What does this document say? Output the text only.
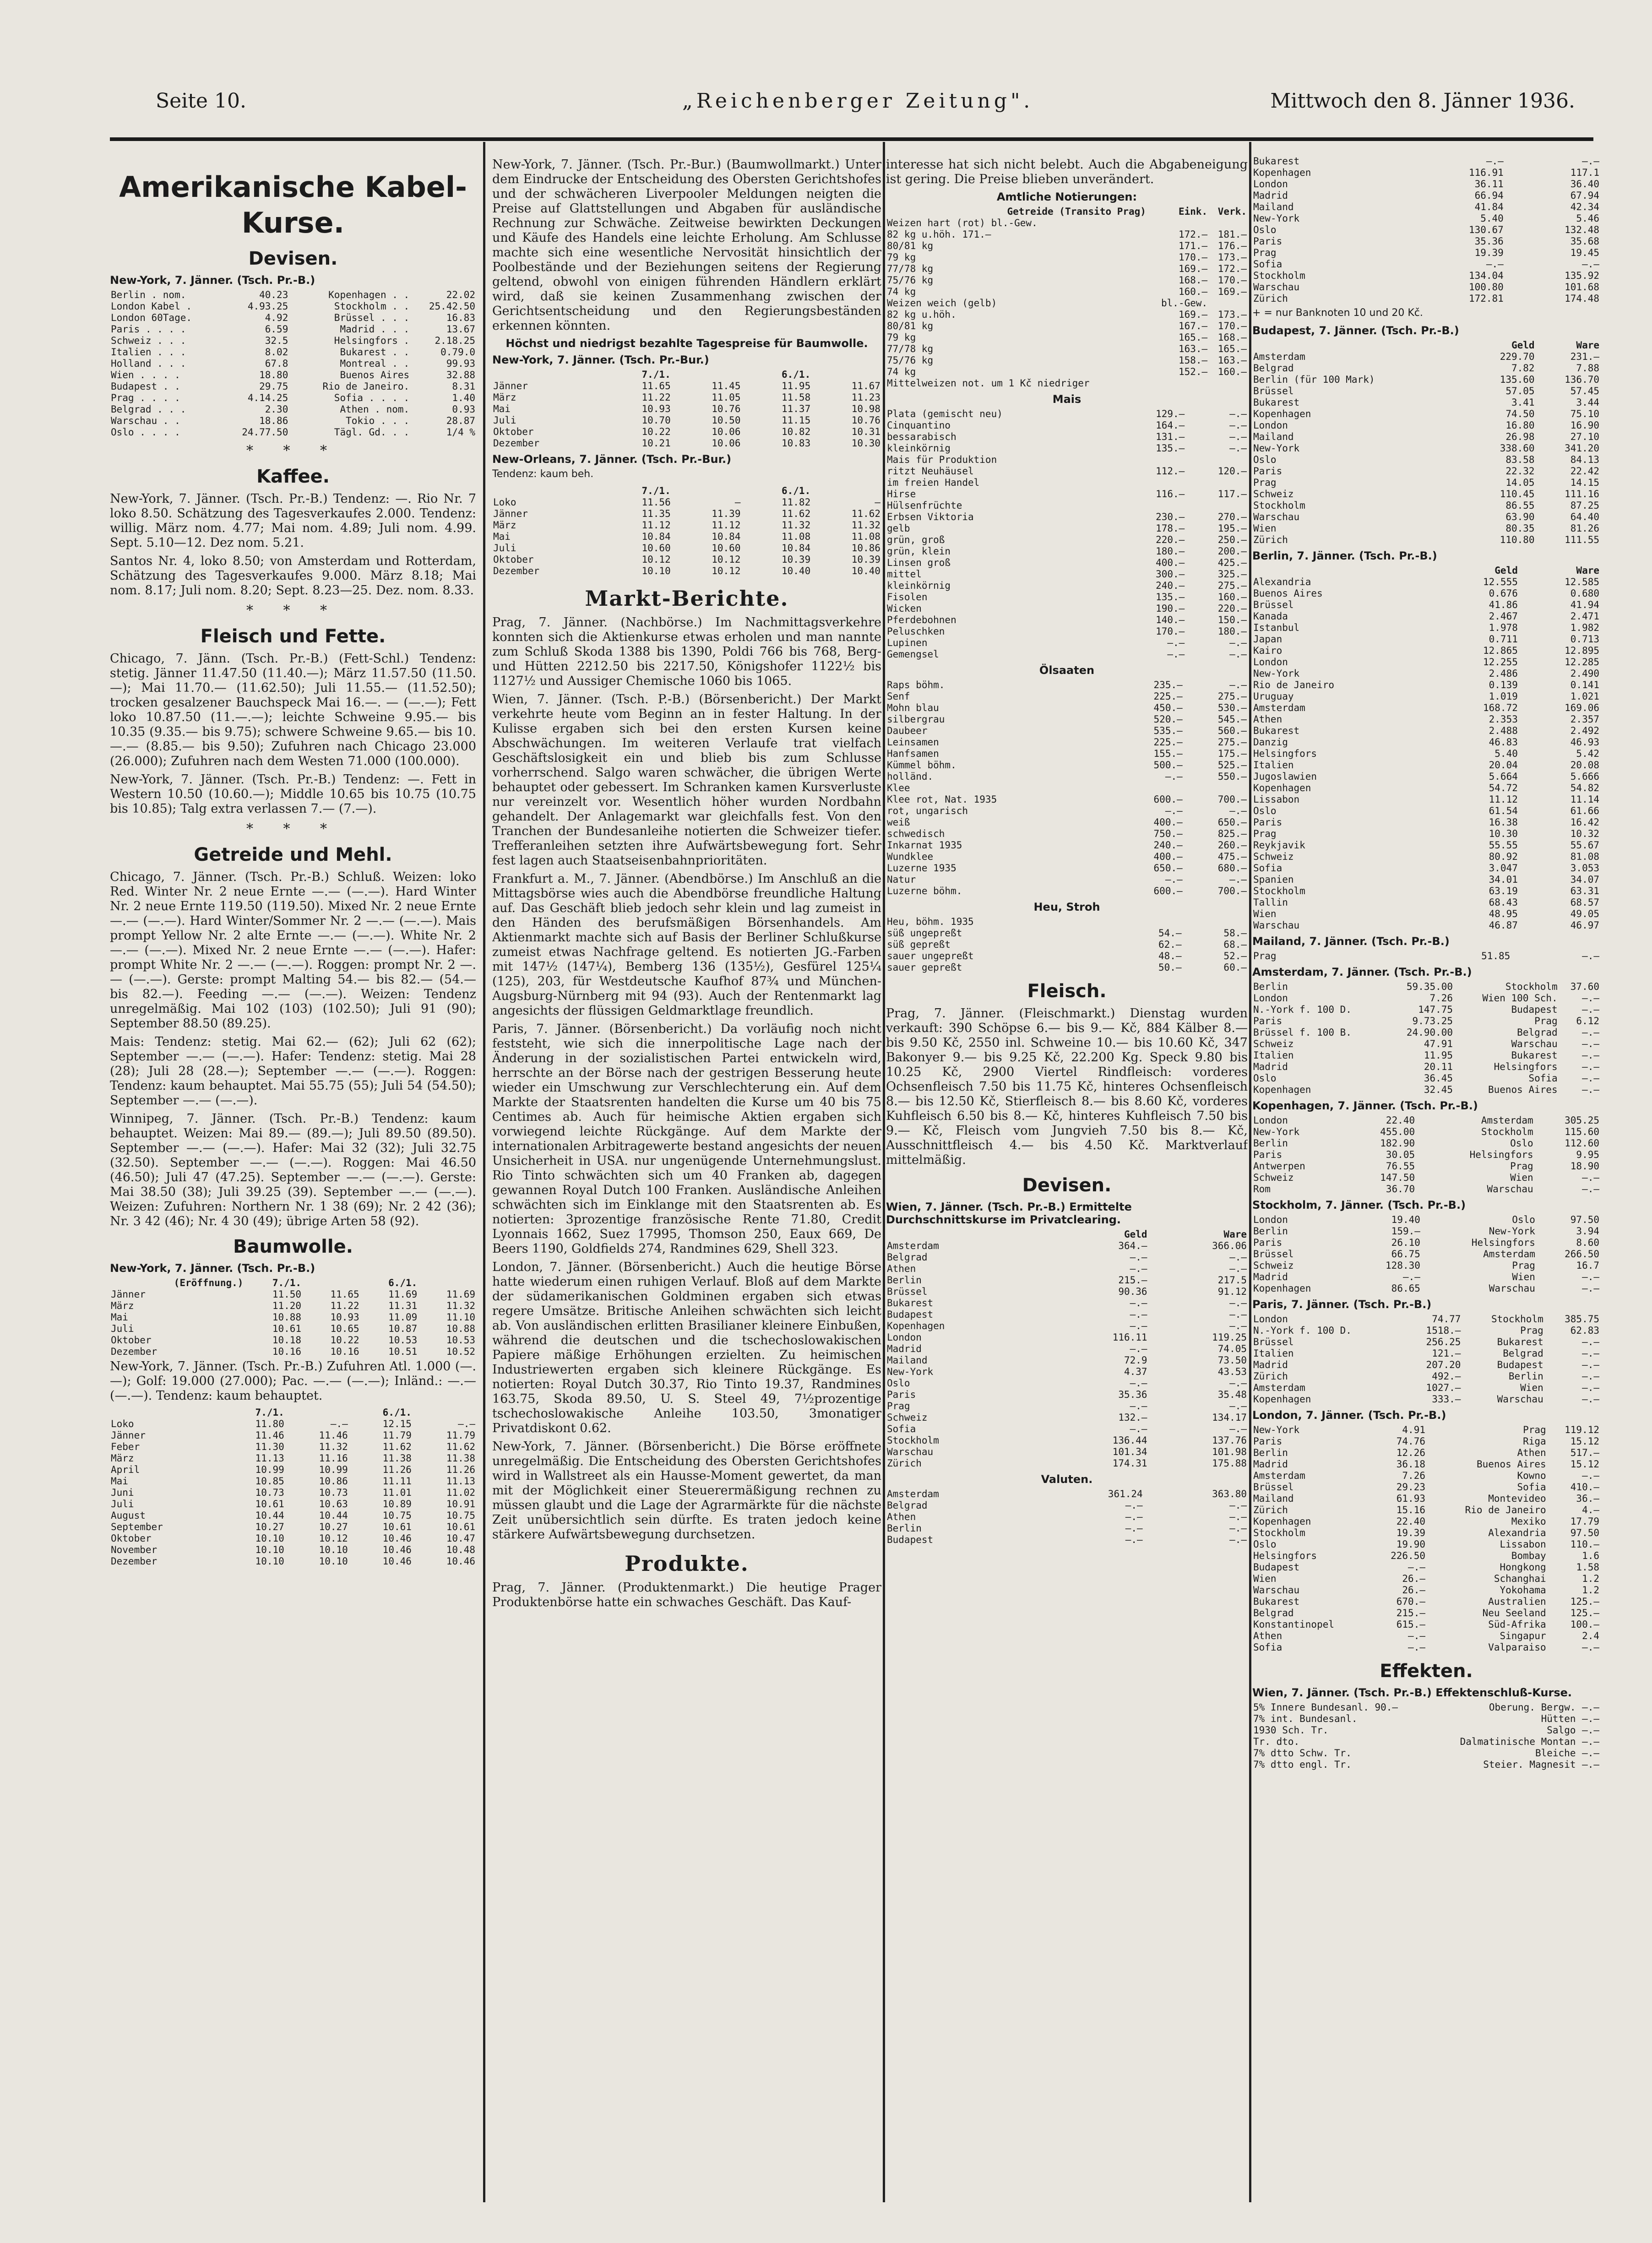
Seite 10.	„Reichenberger Zeitung".	Mittwoch den 8. Jänner 1936.
Amerikanische Kabel-Kurse.
Devisen.
New-York, 7. Jänner. (Tsch. Pr.-B.)
Berlin . nom.	40.23	Kopenhagen . .	22.02
London Kabel .	4.93.25	Stockholm . .	25.42.50
London 60Tage.	4.92	Brüssel . . .	16.83
Paris . . . .	6.59	Madrid . . .	13.67
Schweiz . . .	32.5	Helsingfors .	2.18.25
Italien . . .	8.02	Bukarest . .	0.79.0
Holland . . .	67.8	Montreal . .	99.93
Wien . . . .	18.80	Buenos Aires	32.88
Budapest . .	29.75	Rio de Janeiro.	8.31
Prag . . . .	4.14.25	Sofia . . . .	1.40
Belgrad . . .	2.30	Athen . nom.	0.93
Warschau . .	18.86	Tokio . . .	28.87
Oslo . . . .	24.77.50	Tägl. Gd. . .	1/4 %
* * *
Kaffee.
New-York, 7. Jänner. (Tsch. Pr.-B.) Tendenz: —. Rio Nr. 7 loko 8.50. Schätzung des Tagesverkaufes 2.000. Tendenz: willig. März nom. 4.77; Mai nom. 4.89; Juli nom. 4.99. Sept. 5.10—12. Dez nom. 5.21.
Santos Nr. 4, loko 8.50; von Amsterdam und Rotterdam, Schätzung des Tagesverkaufes 9.000. März 8.18; Mai nom. 8.17; Juli nom. 8.20; Sept. 8.23—25. Dez. nom. 8.33.
* * *
Fleisch und Fette.
Chicago, 7. Jänn. (Tsch. Pr.-B.) (Fett-Schl.) Tendenz: stetig. Jänner 11.47.50 (11.40.—); März 11.57.50 (11.50.—); Mai 11.70.— (11.62.50); Juli 11.55.— (11.52.50); trocken gesalzener Bauchspeck Mai 16.—. — (—.—); Fett loko 10.87.50 (11.—.—); leichte Schweine 9.95.— bis 10.35 (9.35.— bis 9.75); schwere Schweine 9.65.— bis 10.—.— (8.85.— bis 9.50); Zufuhren nach Chicago 23.000 (26.000); Zufuhren nach dem Westen 71.000 (100.000).
New-York, 7. Jänner. (Tsch. Pr.-B.) Tendenz: —. Fett in Western 10.50 (10.60.—); Middle 10.65 bis 10.75 (10.75 bis 10.85); Talg extra verlassen 7.— (7.—).
* * *
Getreide und Mehl.
Chicago, 7. Jänner. (Tsch. Pr.-B.) Schluß. Weizen: loko Red. Winter Nr. 2 neue Ernte —.— (—.—). Hard Winter Nr. 2 neue Ernte 119.50 (119.50). Mixed Nr. 2 neue Ernte —.— (—.—). Hard Winter/Sommer Nr. 2 —.— (—.—). Mais prompt Yellow Nr. 2 alte Ernte —.— (—.—). White Nr. 2 —.— (—.—). Mixed Nr. 2 neue Ernte —.— (—.—). Hafer: prompt White Nr. 2 —.— (—.—). Roggen: prompt Nr. 2 —.— (—.—). Gerste: prompt Malting 54.— bis 82.— (54.— bis 82.—). Feeding —.— (—.—). Weizen: Tendenz unregelmäßig. Mai 102 (103) (102.50); Juli 91 (90); September 88.50 (89.25).
Mais: Tendenz: stetig. Mai 62.— (62); Juli 62 (62); September —.— (—.—). Hafer: Tendenz: stetig. Mai 28 (28); Juli 28 (28.—); September —.— (—.—). Roggen: Tendenz: kaum behauptet. Mai 55.75 (55); Juli 54 (54.50); September —.— (—.—).
Winnipeg, 7. Jänner. (Tsch. Pr.-B.) Tendenz: kaum behauptet. Weizen: Mai 89.— (89.—); Juli 89.50 (89.50). September —.— (—.—). Hafer: Mai 32 (32); Juli 32.75 (32.50). September —.— (—.—). Roggen: Mai 46.50 (46.50); Juli 47 (47.25). September —.— (—.—). Gerste: Mai 38.50 (38); Juli 39.25 (39). September —.— (—.—). Weizen: Zufuhren: Northern Nr. 1 38 (69); Nr. 2 42 (36); Nr. 3 42 (46); Nr. 4 30 (49); übrige Arten 58 (92).
Baumwolle.
New-York, 7. Jänner. (Tsch. Pr.-B.)
(Eröffnung.)	7./1.		6./1.	
Jänner	11.50	11.65	11.69	11.69
März	11.20	11.22	11.31	11.32
Mai	10.88	10.93	11.09	11.10
Juli	10.61	10.65	10.87	10.88
Oktober	10.18	10.22	10.53	10.53
Dezember	10.16	10.16	10.51	10.52
New-York, 7. Jänner. (Tsch. Pr.-B.) Zufuhren Atl. 1.000 (—.—); Golf: 19.000 (27.000); Pac. —.— (—.—); Inländ.: —.— (—.—). Tendenz: kaum behauptet.
	7./1.		6./1.	
Loko	11.80	—.—	12.15	—.—
Jänner	11.46	11.46	11.79	11.79
Feber	11.30	11.32	11.62	11.62
März	11.13	11.16	11.38	11.38
April	10.99	10.99	11.26	11.26
Mai	10.85	10.86	11.11	11.13
Juni	10.73	10.73	11.01	11.02
Juli	10.61	10.63	10.89	10.91
August	10.44	10.44	10.75	10.75
September	10.27	10.27	10.61	10.61
Oktober	10.10	10.12	10.46	10.47
November	10.10	10.10	10.46	10.48
Dezember	10.10	10.10	10.46	10.46
New-York, 7. Jänner. (Tsch. Pr.-Bur.) (Baumwollmarkt.) Unter dem Eindrucke der Entscheidung des Obersten Gerichtshofes und der schwächeren Liverpooler Meldungen neigten die Preise auf Glattstellungen und Abgaben für ausländische Rechnung zur Schwäche. Zeitweise bewirkten Deckungen und Käufe des Handels eine leichte Erholung. Am Schlusse machte sich eine wesentliche Nervosität hinsichtlich der Poolbestände und der Beziehungen seitens der Regierung geltend, obwohl von einigen führenden Händlern erklärt wird, daß sie keinen Zusammenhang zwischen der Gerichtsentscheidung und den Regierungsbeständen erkennen könnten.
Höchst und niedrigst bezahlte Tagespreise für Baumwolle.
New-York, 7. Jänner. (Tsch. Pr.-Bur.)
	7./1.		6./1.	
Jänner	11.65	11.45	11.95	11.67
März	11.22	11.05	11.58	11.23
Mai	10.93	10.76	11.37	10.98
Juli	10.70	10.50	11.15	10.76
Oktober	10.22	10.06	10.82	10.31
Dezember	10.21	10.06	10.83	10.30
New-Orleans, 7. Jänner. (Tsch. Pr.-Bur.)
Tendenz: kaum beh.
	7./1.		6./1.	
Loko	11.56	—	11.82	—
Jänner	11.35	11.39	11.62	11.62
März	11.12	11.12	11.32	11.32
Mai	10.84	10.84	11.08	11.08
Juli	10.60	10.60	10.84	10.86
Oktober	10.12	10.12	10.39	10.39
Dezember	10.10	10.12	10.40	10.40
Markt-Berichte.
Prag, 7. Jänner. (Nachbörse.) Im Nachmittagsverkehre konnten sich die Aktienkurse etwas erholen und man nannte zum Schluß Skoda 1388 bis 1390, Poldi 766 bis 768, Berg- und Hütten 2212.50 bis 2217.50, Königshofer 1122½ bis 1127½ und Aussiger Chemische 1060 bis 1065.
Wien, 7. Jänner. (Tsch. P.-B.) (Börsenbericht.) Der Markt verkehrte heute vom Beginn an in fester Haltung. In der Kulisse ergaben sich bei den ersten Kursen keine Abschwächungen. Im weiteren Verlaufe trat vielfach Geschäftslosigkeit ein und blieb bis zum Schlusse vorherrschend. Salgo waren schwächer, die übrigen Werte behauptet oder gebessert. Im Schranken kamen Kursverluste nur vereinzelt vor. Wesentlich höher wurden Nordbahn gehandelt. Der Anlagemarkt war gleichfalls fest. Von den Tranchen der Bundesanleihe notierten die Schweizer tiefer. Trefferanleihen setzten ihre Aufwärtsbewegung fort. Sehr fest lagen auch Staatseisenbahnprioritäten.
Frankfurt a. M., 7. Jänner. (Abendbörse.) Im Anschluß an die Mittagsbörse wies auch die Abendbörse freundliche Haltung auf. Das Geschäft blieb jedoch sehr klein und lag zumeist in den Händen des berufsmäßigen Börsenhandels. Am Aktienmarkt machte sich auf Basis der Berliner Schlußkurse zumeist etwas Nachfrage geltend. Es notierten JG.-Farben mit 147½ (147¼), Bemberg 136 (135½), Gesfürel 125¼ (125), 203, für Westdeutsche Kaufhof 87¾ und München-Augsburg-Nürnberg mit 94 (93). Auch der Rentenmarkt lag angesichts der flüssigen Geldmarktlage freundlich.
Paris, 7. Jänner. (Börsenbericht.) Da vorläufig noch nicht feststeht, wie sich die innerpolitische Lage nach der Änderung in der sozialistischen Partei entwickeln wird, herrschte an der Börse nach der gestrigen Besserung heute wieder ein Umschwung zur Verschlechterung ein. Auf dem Markte der Staatsrenten handelten die Kurse um 40 bis 75 Centimes ab. Auch für heimische Aktien ergaben sich vorwiegend leichte Rückgänge. Auf dem Markte der internationalen Arbitragewerte bestand angesichts der neuen Unsicherheit in USA. nur ungenügende Unternehmungslust. Rio Tinto schwächten sich um 40 Franken ab, dagegen gewannen Royal Dutch 100 Franken. Ausländische Anleihen schwächten sich im Einklange mit den Staatsrenten ab. Es notierten: 3prozentige französische Rente 71.80, Credit Lyonnais 1662, Suez 17995, Thomson 250, Eaux 669, De Beers 1190, Goldfields 274, Randmines 629, Shell 323.
London, 7. Jänner. (Börsenbericht.) Auch die heutige Börse hatte wiederum einen ruhigen Verlauf. Bloß auf dem Markte der südamerikanischen Goldminen ergaben sich etwas regere Umsätze. Britische Anleihen schwächten sich leicht ab. Von ausländischen erlitten Brasilianer kleinere Einbußen, während die deutschen und die tschechoslowakischen Papiere mäßige Erhöhungen erzielten. Zu heimischen Industriewerten ergaben sich kleinere Rückgänge. Es notierten: Royal Dutch 30.37, Rio Tinto 19.37, Randmines 163.75, Skoda 89.50, U. S. Steel 49, 7½prozentige tschechoslowakische Anleihe 103.50, 3monatiger Privatdiskont 0.62.
New-York, 7. Jänner. (Börsenbericht.) Die Börse eröffnete unregelmäßig. Die Entscheidung des Obersten Gerichtshofes wird in Wallstreet als ein Hausse-Moment gewertet, da man mit der Möglichkeit einer Steuerermäßigung rechnen zu müssen glaubt und die Lage der Agrarmärkte für die nächste Zeit unübersichtlich sein dürfte. Es traten jedoch keine stärkere Aufwärtsbewegung durchsetzen.
Produkte.
Prag, 7. Jänner. (Produktenmarkt.) Die heutige Prager Produktenbörse hatte ein schwaches Geschäft. Das Kauf-
interesse hat sich nicht belebt. Auch die Abgabeneigung ist gering. Die Preise blieben unverändert.
Amtliche Notierungen:
Getreide (Transito Prag)	Eink.	Verk.
Weizen hart (rot) bl.-Gew.		
82 kg u.höh. 171.—	172.—	181.—
80/81 kg	171.—	176.—
79 kg	170.—	173.—
77/78 kg	169.—	172.—
75/76 kg	168.—	170.—
74 kg	160.—	169.—
Weizen weich (gelb)	bl.-Gew.	
82 kg u.höh.	169.—	173.—
80/81 kg	167.—	170.—
79 kg	165.—	168.—
77/78 kg	163.—	165.—
75/76 kg	158.—	163.—
74 kg	152.—	160.—
Mittelweizen not. um 1 Kč niedriger		
Mais
Plata (gemischt neu)	129.—	—.—
Cinquantino	164.—	—.—
bessarabisch	131.—	—.—
kleinkörnig	135.—	—.—
Mais für Produktion		
ritzt Neuhäusel	112.—	120.—
im freien Handel		
Hirse	116.—	117.—
Hülsenfrüchte		
Erbsen Viktoria	230.—	270.—
gelb	178.—	195.—
grün, groß	220.—	250.—
grün, klein	180.—	200.—
Linsen groß	400.—	425.—
mittel	300.—	325.—
kleinkörnig	240.—	275.—
Fisolen	135.—	160.—
Wicken	190.—	220.—
Pferdebohnen	140.—	150.—
Peluschken	170.—	180.—
Lupinen	—.—	—.—
Gemengsel	—.—	—.—
Ölsaaten
Raps böhm.	235.—	—.—
Senf	225.—	275.—
Mohn blau	450.—	530.—
silbergrau	520.—	545.—
Daubeer	535.—	560.—
Leinsamen	225.—	275.—
Hanfsamen	155.—	175.—
Kümmel böhm.	500.—	525.—
holländ.	—.—	550.—
Klee		
Klee rot, Nat. 1935	600.—	700.—
rot, ungarisch	—.—	—.—
weiß	400.—	650.—
schwedisch	750.—	825.—
Inkarnat 1935	240.—	260.—
Wundklee	400.—	475.—
Luzerne 1935	650.—	680.—
Natur	—.—	—.—
Luzerne böhm.	600.—	700.—
Heu, Stroh
Heu, böhm. 1935		
süß ungepreßt	54.—	58.—
süß gepreßt	62.—	68.—
sauer ungepreßt	48.—	52.—
sauer gepreßt	50.—	60.—
Fleisch.
Prag, 7. Jänner. (Fleischmarkt.) Dienstag wurden verkauft: 390 Schöpse 6.— bis 9.— Kč, 884 Kälber 8.— bis 9.50 Kč, 2550 inl. Schweine 10.— bis 10.60 Kč, 347 Bakonyer 9.— bis 9.25 Kč, 22.200 Kg. Speck 9.80 bis 10.25 Kč, 2900 Viertel Rindfleisch: vorderes Ochsenfleisch 7.50 bis 11.75 Kč, hinteres Ochsenfleisch 8.— bis 12.50 Kč, Stierfleisch 8.— bis 8.60 Kč, vorderes Kuhfleisch 6.50 bis 8.— Kč, hinteres Kuhfleisch 7.50 bis 9.— Kč, Fleisch vom Jungvieh 7.50 bis 8.— Kč, Ausschnittfleisch 4.— bis 4.50 Kč. Marktverlauf mittelmäßig.
Devisen.
Wien, 7. Jänner. (Tsch. Pr.-B.) Ermittelte Durchschnittskurse im Privatclearing.
	Geld	Ware
Amsterdam	364.—	366.06
Belgrad	—.—	—.—
Athen	—.—	—.—
Berlin	215.—	217.5
Brüssel	90.36	91.12
Bukarest	—.—	—.—
Budapest	—.—	—.—
Kopenhagen	—.—	—.—
London	116.11	119.25
Madrid	—.—	74.05
Mailand	72.9	73.50
New-York	4.37	43.53
Oslo	—.—	—.—
Paris	35.36	35.48
Prag	—.—	—.—
Schweiz	132.—	134.17
Sofia	—.—	—.—
Stockholm	136.44	137.76
Warschau	101.34	101.98
Zürich	174.31	175.88
Valuten.
Amsterdam	361.24	363.80
Belgrad	—.—	—.—
Athen	—.—	—.—
Berlin	—.—	—.—
Budapest	—.—	—.—
Bukarest	—.—	—.—
Kopenhagen	116.91	117.1
London	36.11	36.40
Madrid	66.94	67.94
Mailand	41.84	42.34
New-York	5.40	5.46
Oslo	130.67	132.48
Paris	35.36	35.68
Prag	19.39	19.45
Sofia	—.—	—.—
Stockholm	134.04	135.92
Warschau	100.80	101.68
Zürich	172.81	174.48
+ = nur Banknoten 10 und 20 Kč.
Budapest, 7. Jänner. (Tsch. Pr.-B.)
	Geld	Ware
Amsterdam	229.70	231.—
Belgrad	7.82	7.88
Berlin (für 100 Mark)	135.60	136.70
Brüssel	57.05	57.45
Bukarest	3.41	3.44
Kopenhagen	74.50	75.10
London	16.80	16.90
Mailand	26.98	27.10
New-York	338.60	341.20
Oslo	83.58	84.13
Paris	22.32	22.42
Prag	14.05	14.15
Schweiz	110.45	111.16
Stockholm	86.55	87.25
Warschau	63.90	64.40
Wien	80.35	81.26
Zürich	110.80	111.55
Berlin, 7. Jänner. (Tsch. Pr.-B.)
	Geld	Ware
Alexandria	12.555	12.585
Buenos Aires	0.676	0.680
Brüssel	41.86	41.94
Kanada	2.467	2.471
Istanbul	1.978	1.982
Japan	0.711	0.713
Kairo	12.865	12.895
London	12.255	12.285
New-York	2.486	2.490
Rio de Janeiro	0.139	0.141
Uruguay	1.019	1.021
Amsterdam	168.72	169.06
Athen	2.353	2.357
Bukarest	2.488	2.492
Danzig	46.83	46.93
Helsingfors	5.40	5.42
Italien	20.04	20.08
Jugoslawien	5.664	5.666
Kopenhagen	54.72	54.82
Lissabon	11.12	11.14
Oslo	61.54	61.66
Paris	16.38	16.42
Prag	10.30	10.32
Reykjavik	55.55	55.67
Schweiz	80.92	81.08
Sofia	3.047	3.053
Spanien	34.01	34.07
Stockholm	63.19	63.31
Tallin	68.43	68.57
Wien	48.95	49.05
Warschau	46.87	46.97
Mailand, 7. Jänner. (Tsch. Pr.-B.)
Prag	51.85	—.—
Amsterdam, 7. Jänner. (Tsch. Pr.-B.)
Berlin	59.35.00	Stockholm	37.60
London	7.26	Wien 100 Sch.	—.—
N.-York f. 100 D.	147.75	Budapest	—.—
Paris	9.73.25	Prag	6.12
Brüssel f. 100 B.	24.90.00	Belgrad	—.—
Schweiz	47.91	Warschau	—.—
Italien	11.95	Bukarest	—.—
Madrid	20.11	Helsingfors	—.—
Oslo	36.45	Sofia	—.—
Kopenhagen	32.45	Buenos Aires	—.—
Kopenhagen, 7. Jänner. (Tsch. Pr.-B.)
London	22.40	Amsterdam	305.25
New-York	455.00	Stockholm	115.60
Berlin	182.90	Oslo	112.60
Paris	30.05	Helsingfors	9.95
Antwerpen	76.55	Prag	18.90
Schweiz	147.50	Wien	—.—
Rom	36.70	Warschau	—.—
Stockholm, 7. Jänner. (Tsch. Pr.-B.)
London	19.40	Oslo	97.50
Berlin	159.—	New-York	3.94
Paris	26.10	Helsingfors	8.60
Brüssel	66.75	Amsterdam	266.50
Schweiz	128.30	Prag	16.7
Madrid	—.—	Wien	—.—
Kopenhagen	86.65	Warschau	—.—
Paris, 7. Jänner. (Tsch. Pr.-B.)
London	74.77	Stockholm	385.75
N.-York f. 100 D.	1518.—	Prag	62.83
Brüssel	256.25	Bukarest	—.—
Italien	121.—	Belgrad	—.—
Madrid	207.20	Budapest	—.—
Zürich	492.—	Berlin	—.—
Amsterdam	1027.—	Wien	—.—
Kopenhagen	333.—	Warschau	—.—
London, 7. Jänner. (Tsch. Pr.-B.)
New-York	4.91	Prag	119.12
Paris	74.76	Riga	15.12
Berlin	12.26	Athen	517.—
Madrid	36.18	Buenos Aires	15.12
Amsterdam	7.26	Kowno	—.—
Brüssel	29.23	Sofia	410.—
Mailand	61.93	Montevideo	36.—
Zürich	15.16	Rio de Janeiro	4.—
Kopenhagen	22.40	Mexiko	17.79
Stockholm	19.39	Alexandria	97.50
Oslo	19.90	Lissabon	110.—
Helsingfors	226.50	Bombay	1.6
Budapest	—.—	Hongkong	1.58
Wien	26.—	Schanghai	1.2
Warschau	26.—	Yokohama	1.2
Bukarest	670.—	Australien	125.—
Belgrad	215.—	Neu Seeland	125.—
Konstantinopel	615.—	Süd-Afrika	100.—
Athen	—.—	Singapur	2.4
Sofia	—.—	Valparaiso	—.—
Effekten.
Wien, 7. Jänner. (Tsch. Pr.-B.) Effektenschluß-Kurse.
5% Innere Bundesanl. 90.—	Oberung. Bergw.	—.—
7% int. Bundesanl.	Hütten	—.—
1930 Sch. Tr.	Salgo	—.—
Tr. dto.	Dalmatinische Montan	—.—
7% dtto Schw. Tr.	Bleiche	—.—
7% dtto engl. Tr.	Steier. Magnesit	—.—
